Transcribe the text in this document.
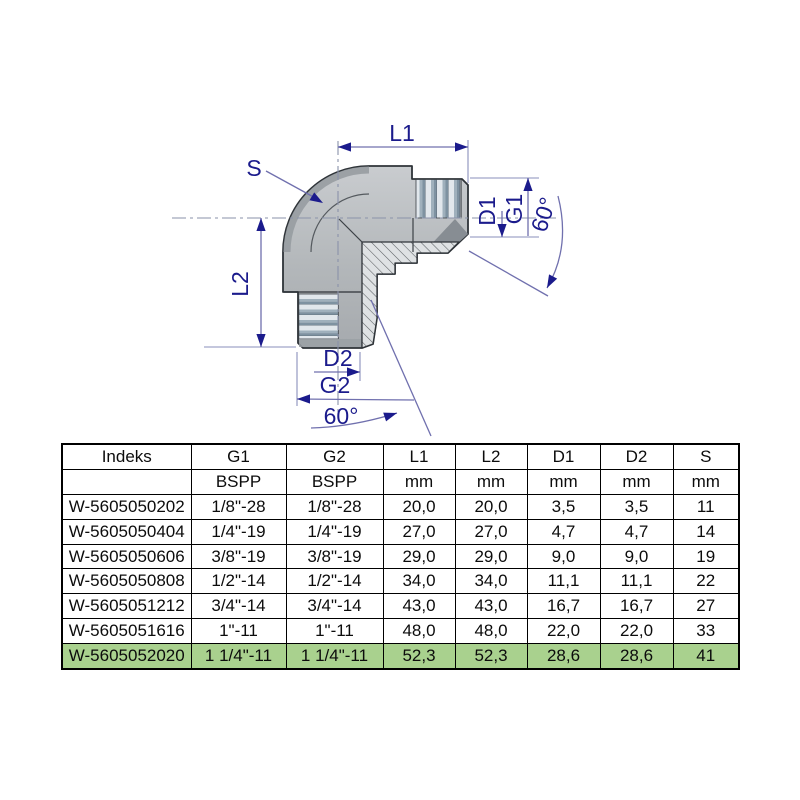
L1
S
L2
D1 G1
60°
D2
G2
60°
Indeks	G1	G2	L1	L2	D1	D2	S
	BSPP	BSPP	mm	mm	mm	mm	mm
W-5605050202	1/8"-28	1/8"-28	20,0	20,0	3,5	3,5	11
W-5605050404	1/4"-19	1/4"-19	27,0	27,0	4,7	4,7	14
W-5605050606	3/8"-19	3/8"-19	29,0	29,0	9,0	9,0	19
W-5605050808	1/2"-14	1/2"-14	34,0	34,0	11,1	11,1	22
W-5605051212	3/4"-14	3/4"-14	43,0	43,0	16,7	16,7	27
W-5605051616	1"-11	1"-11	48,0	48,0	22,0	22,0	33
W-5605052020	1 1/4"-11	1 1/4"-11	52,3	52,3	28,6	28,6	41
